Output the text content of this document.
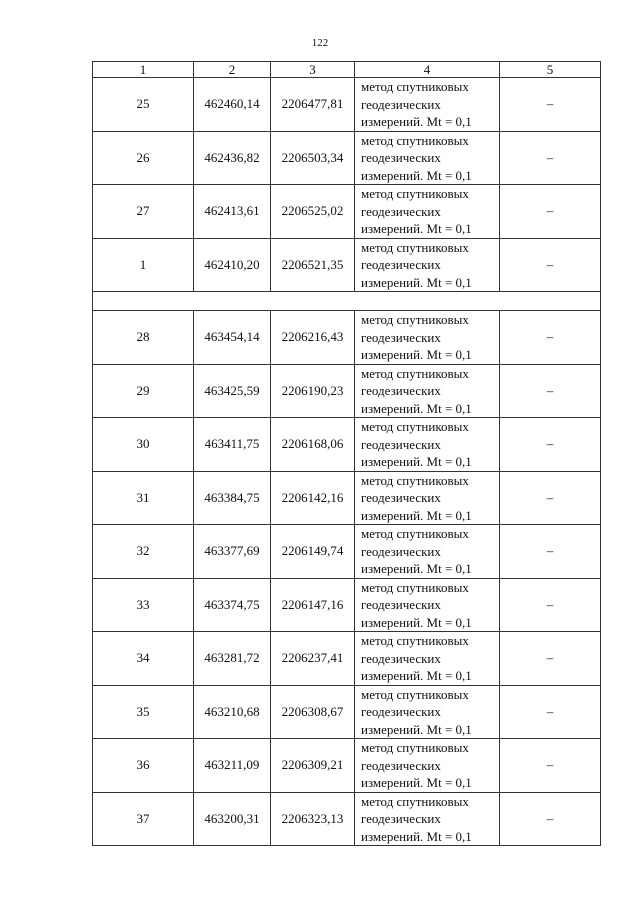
122
1	2	3	4	5
25	462460,14	2206477,81	метод спутниковых
геодезических
измерений. Mt = 0,1	–
26	462436,82	2206503,34	метод спутниковых
геодезических
измерений. Mt = 0,1	–
27	462413,61	2206525,02	метод спутниковых
геодезических
измерений. Mt = 0,1	–
1	462410,20	2206521,35	метод спутниковых
геодезических
измерений. Mt = 0,1	–

28	463454,14	2206216,43	метод спутниковых
геодезических
измерений. Mt = 0,1	–
29	463425,59	2206190,23	метод спутниковых
геодезических
измерений. Mt = 0,1	–
30	463411,75	2206168,06	метод спутниковых
геодезических
измерений. Mt = 0,1	–
31	463384,75	2206142,16	метод спутниковых
геодезических
измерений. Mt = 0,1	–
32	463377,69	2206149,74	метод спутниковых
геодезических
измерений. Mt = 0,1	–
33	463374,75	2206147,16	метод спутниковых
геодезических
измерений. Mt = 0,1	–
34	463281,72	2206237,41	метод спутниковых
геодезических
измерений. Mt = 0,1	–
35	463210,68	2206308,67	метод спутниковых
геодезических
измерений. Mt = 0,1	–
36	463211,09	2206309,21	метод спутниковых
геодезических
измерений. Mt = 0,1	–
37	463200,31	2206323,13	метод спутниковых
геодезических
измерений. Mt = 0,1	–
